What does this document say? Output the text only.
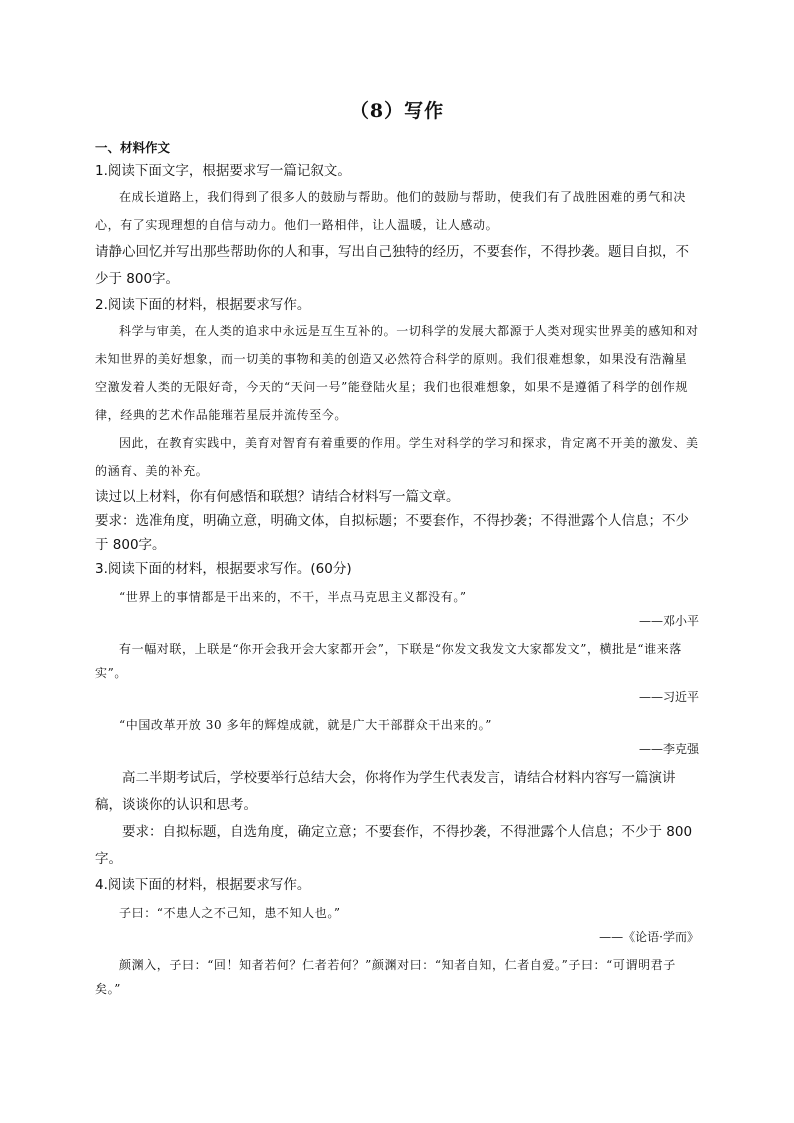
（8）写作
一、材料作文
1.阅读下面文字，根据要求写一篇记叙文。
在成长道路上，我们得到了很多人的鼓励与帮助。他们的鼓励与帮助，使我们有了战胜困难的勇气和决心，有了实现理想的自信与动力。他们一路相伴，让人温暖，让人感动。
请静心回忆并写出那些帮助你的人和事，写出自己独特的经历，不要套作，不得抄袭。题目自拟，不少于 800字。
2.阅读下面的材料，根据要求写作。
科学与审美，在人类的追求中永远是互生互补的。一切科学的发展大都源于人类对现实世界美的感知和对未知世界的美好想象，而一切美的事物和美的创造又必然符合科学的原则。我们很难想象，如果没有浩瀚星空激发着人类的无限好奇，今天的“天问一号”能登陆火星；我们也很难想象，如果不是遵循了科学的创作规律，经典的艺术作品能璀若星辰并流传至今。
因此，在教育实践中，美育对智育有着重要的作用。学生对科学的学习和探求，肯定离不开美的激发、美的涵育、美的补充。
读过以上材料，你有何感悟和联想？请结合材料写一篇文章。
要求：选准角度，明确立意，明确文体，自拟标题；不要套作，不得抄袭；不得泄露个人信息；不少于 800字。
3.阅读下面的材料，根据要求写作。(60分)
“世界上的事情都是干出来的，不干，半点马克思主义都没有。”
——邓小平
有一幅对联，上联是“你开会我开会大家都开会”，下联是“你发文我发文大家都发文”，横批是“谁来落实”。
——习近平
“中国改革开放 30 多年的辉煌成就，就是广大干部群众干出来的。”
——李克强
高二半期考试后，学校要举行总结大会，你将作为学生代表发言，请结合材料内容写一篇演讲稿，谈谈你的认识和思考。
要求：自拟标题，自选角度，确定立意；不要套作，不得抄袭，不得泄露个人信息；不少于 800字。
4.阅读下面的材料，根据要求写作。
子曰：“不患人之不己知，患不知人也。”
——《论语·学而》
颜渊入，子曰：“回！知者若何？仁者若何？”颜渊对曰：“知者自知，仁者自爱。”子曰：“可谓明君子矣。”
